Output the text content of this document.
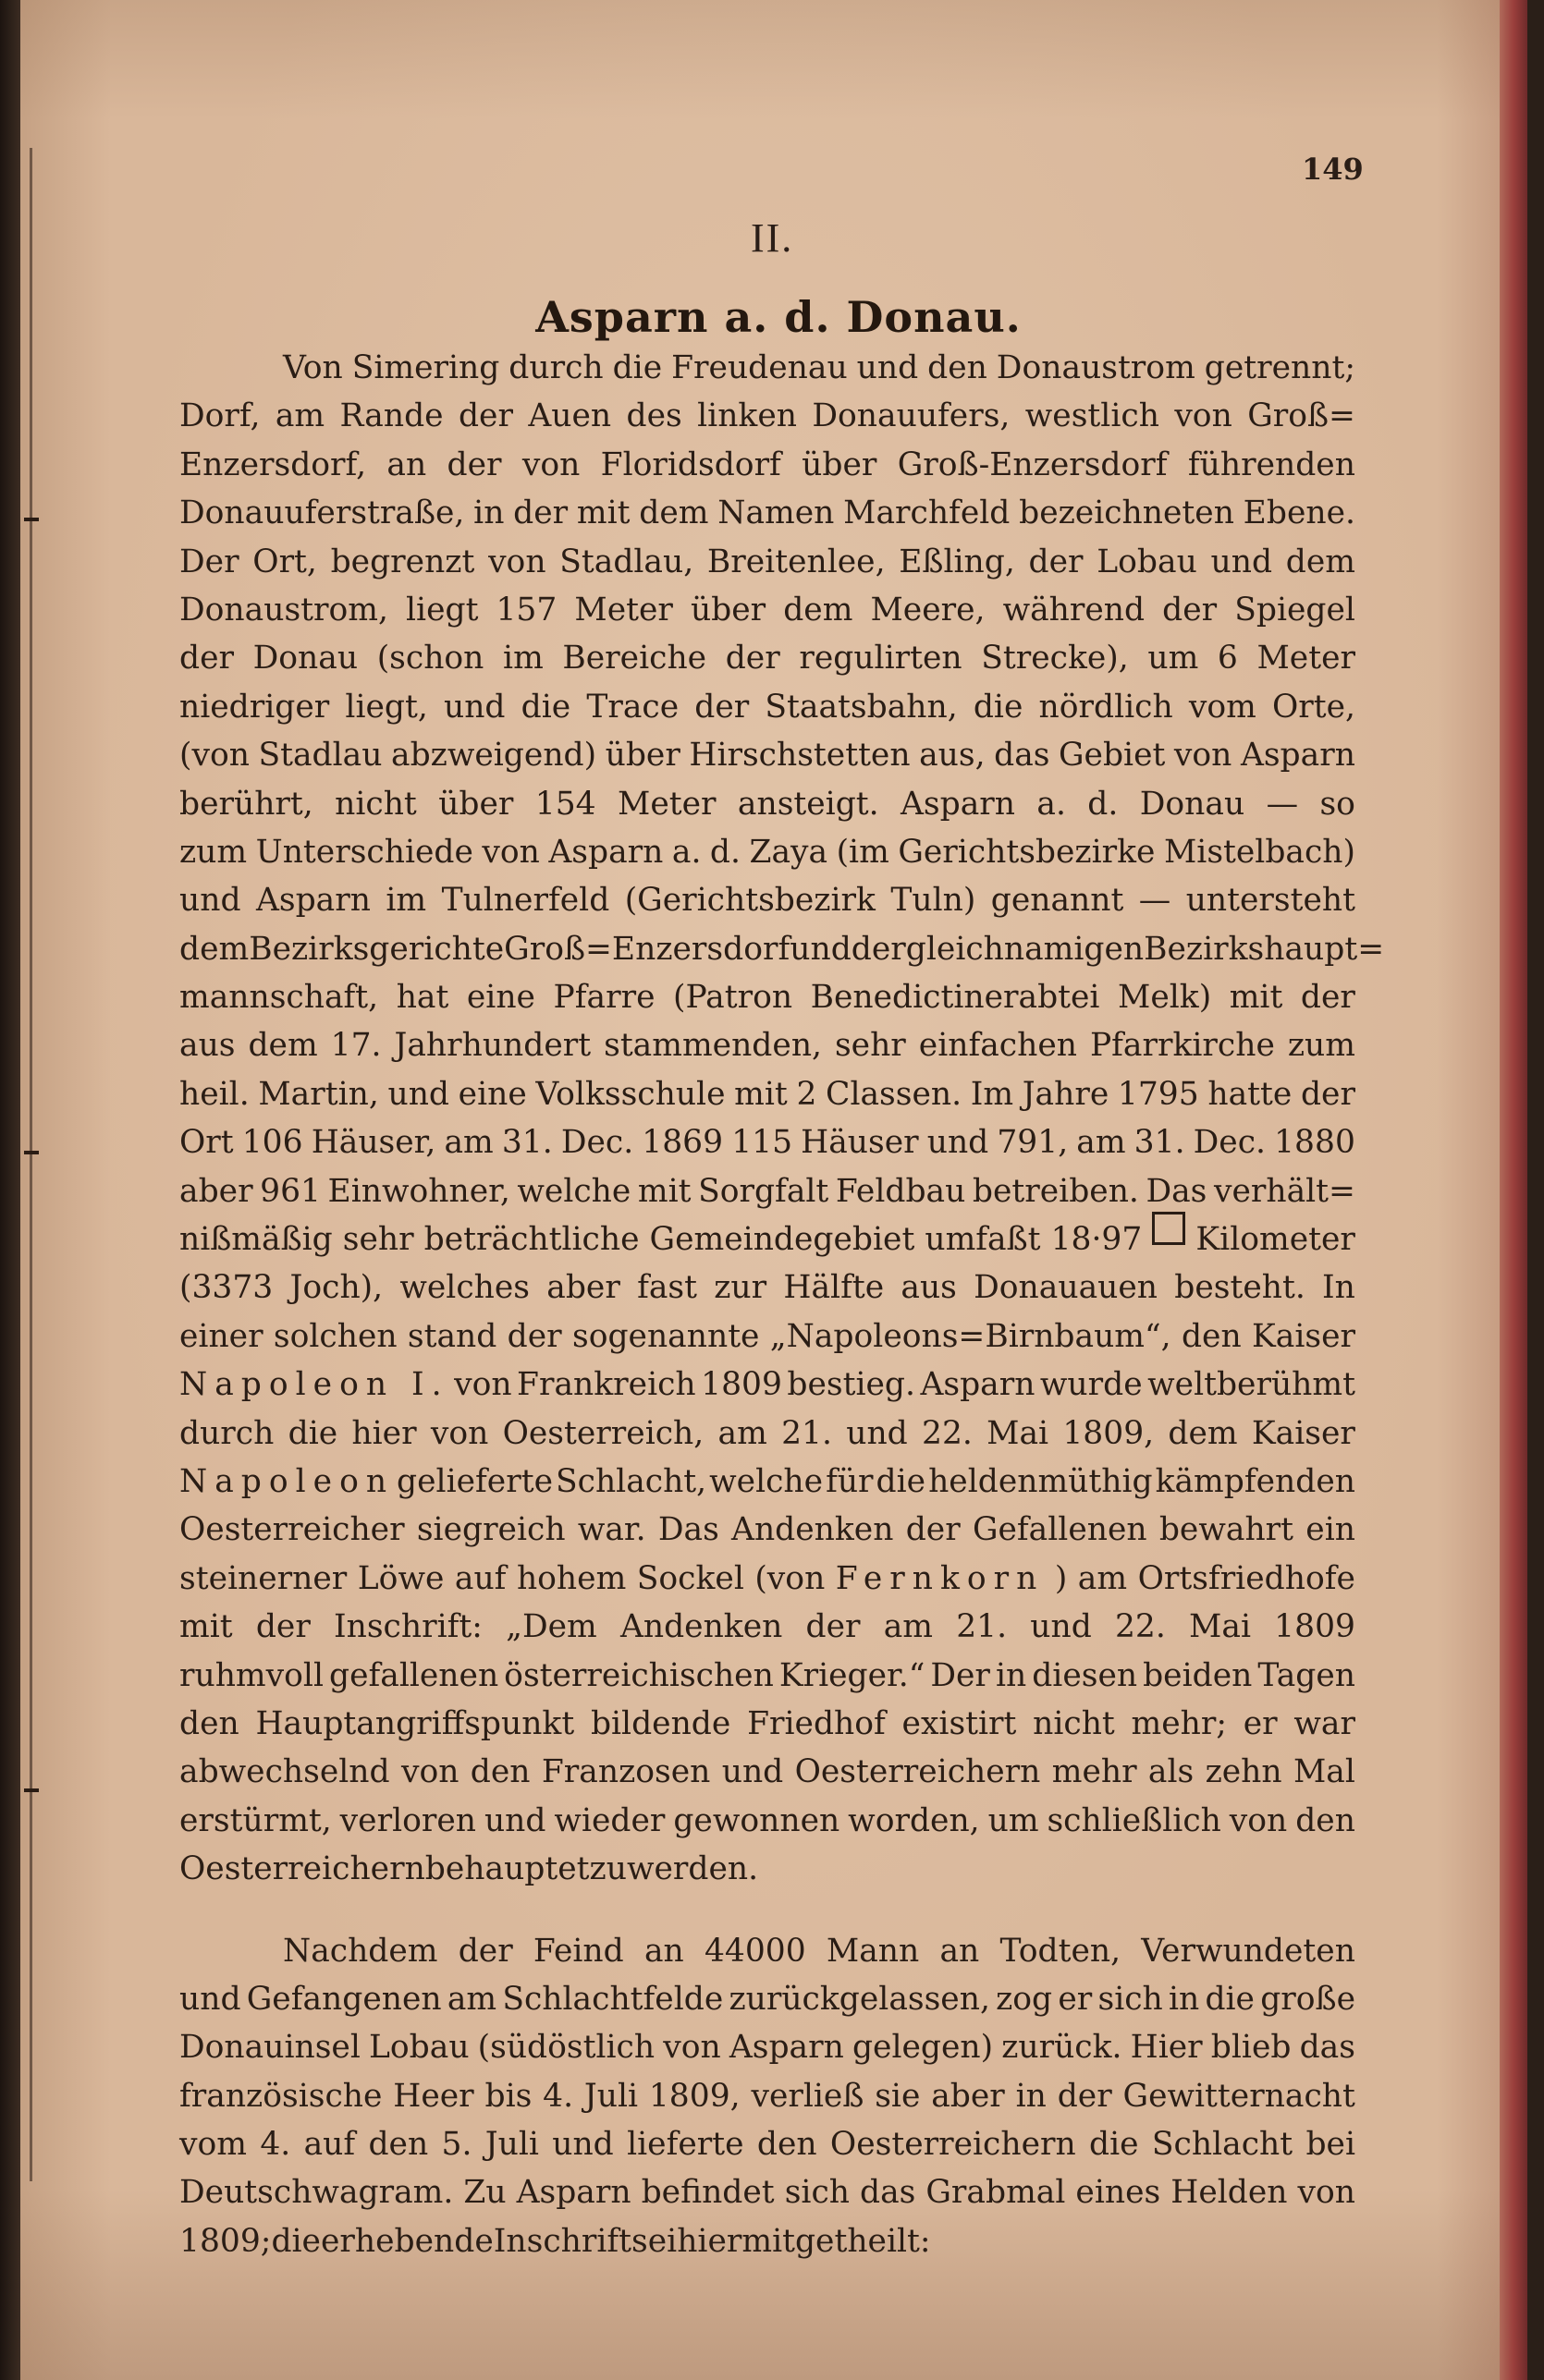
149
II.
Asparn a. d. Donau.
Von Simering durch die Freudenau und den Donaustrom getrennt;
Dorf, am Rande der Auen des linken Donauufers, westlich von Groß=
Enzersdorf, an der von Floridsdorf über Groß-Enzersdorf führenden
Donauuferstraße, in der mit dem Namen Marchfeld bezeichneten Ebene.
Der Ort, begrenzt von Stadlau, Breitenlee, Eßling, der Lobau und dem
Donaustrom, liegt 157 Meter über dem Meere, während der Spiegel
der Donau (schon im Bereiche der regulirten Strecke), um 6 Meter
niedriger liegt, und die Trace der Staatsbahn, die nördlich vom Orte,
(von Stadlau abzweigend) über Hirschstetten aus, das Gebiet von Asparn
berührt, nicht über 154 Meter ansteigt. Asparn a. d. Donau — so
zum Unterschiede von Asparn a. d. Zaya (im Gerichtsbezirke Mistelbach)
und Asparn im Tulnerfeld (Gerichtsbezirk Tuln) genannt — untersteht
dem Bezirksgerichte Groß=Enzersdorf und der gleichnamigen Bezirkshaupt=
mannschaft, hat eine Pfarre (Patron Benedictinerabtei Melk) mit der
aus dem 17. Jahrhundert stammenden, sehr einfachen Pfarrkirche zum
heil. Martin, und eine Volksschule mit 2 Classen. Im Jahre 1795 hatte der
Ort 106 Häuser, am 31. Dec. 1869 115 Häuser und 791, am 31. Dec. 1880
aber 961 Einwohner, welche mit Sorgfalt Feldbau betreiben. Das verhält=
nißmäßig sehr beträchtliche Gemeindegebiet umfaßt 18·97 Kilometer
(3373 Joch), welches aber fast zur Hälfte aus Donauauen besteht. In
einer solchen stand der sogenannte „Napoleons=Birnbaum“, den Kaiser
Napoleon I. von Frankreich 1809 bestieg. Asparn wurde weltberühmt
durch die hier von Oesterreich, am 21. und 22. Mai 1809, dem Kaiser
Napoleon gelieferte Schlacht, welche für die heldenmüthig kämpfenden
Oesterreicher siegreich war. Das Andenken der Gefallenen bewahrt ein
steinerner Löwe auf hohem Sockel (von Fernkorn ) am Ortsfriedhofe
mit der Inschrift: „Dem Andenken der am 21. und 22. Mai 1809
ruhmvoll gefallenen österreichischen Krieger.“ Der in diesen beiden Tagen
den Hauptangriffspunkt bildende Friedhof existirt nicht mehr; er war
abwechselnd von den Franzosen und Oesterreichern mehr als zehn Mal
erstürmt, verloren und wieder gewonnen worden, um schließlich von den
Oesterreichern behauptet zu werden.
Nachdem der Feind an 44000 Mann an Todten, Verwundeten
und Gefangenen am Schlachtfelde zurückgelassen, zog er sich in die große
Donauinsel Lobau (südöstlich von Asparn gelegen) zurück. Hier blieb das
französische Heer bis 4. Juli 1809, verließ sie aber in der Gewitternacht
vom 4. auf den 5. Juli und lieferte den Oesterreichern die Schlacht bei
Deutschwagram. Zu Asparn befindet sich das Grabmal eines Helden von
1809; die erhebende Inschrift sei hier mitgetheilt:
